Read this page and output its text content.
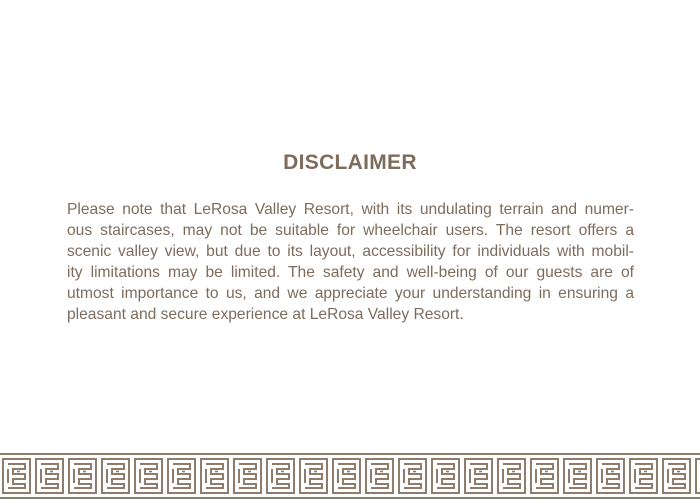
DISCLAIMER

Please note that LeRosa Valley Resort, with its undulating terrain and numer-
ous staircases, may not be suitable for wheelchair users. The resort offers a
scenic valley view, but due to its layout, accessibility for individuals with mobil-
ity limitations may be limited. The safety and well-being of our guests are of
utmost importance to us, and we appreciate your understanding in ensuring a
pleasant and secure experience at LeRosa Valley Resort.
